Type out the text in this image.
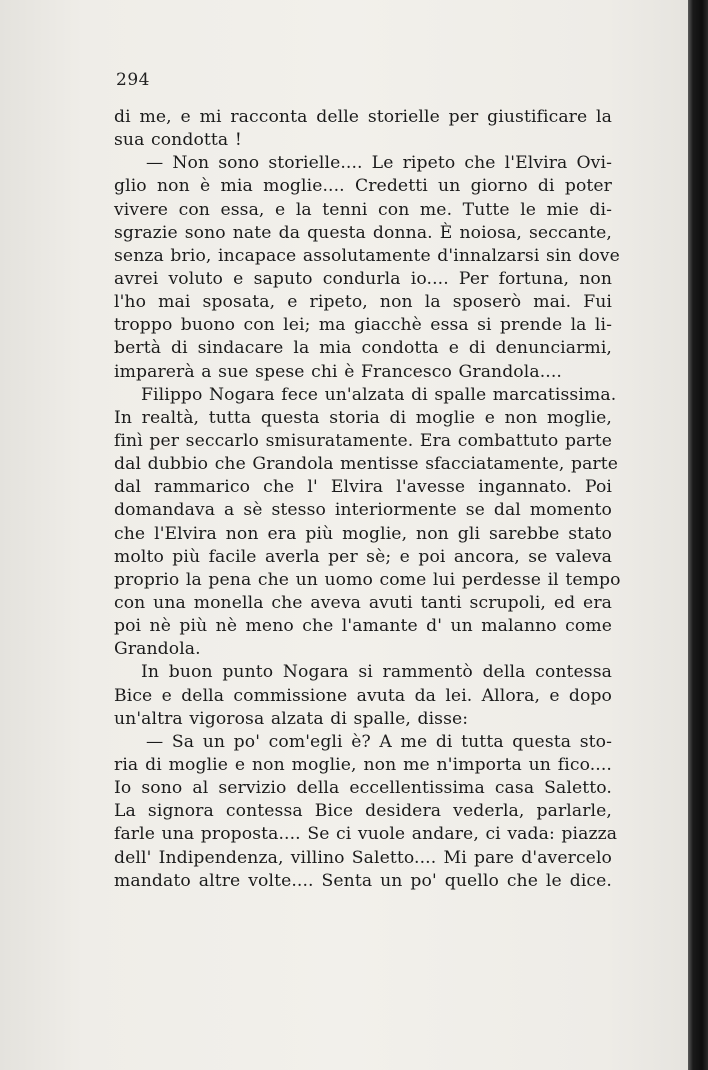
294
di me, e mi racconta delle storielle per giustificare la
sua condotta !
— Non sono storielle.... Le ripeto che l'Elvira Ovi-
glio non è mia moglie.... Credetti un giorno di poter
vivere con essa, e la tenni con me. Tutte le mie di-
sgrazie sono nate da questa donna. È noiosa, seccante,
senza brio, incapace assolutamente d'innalzarsi sin dove
avrei voluto e saputo condurla io.... Per fortuna, non
l'ho mai sposata, e ripeto, non la sposerò mai. Fui
troppo buono con lei; ma giacchè essa si prende la li-
bertà di sindacare la mia condotta e di denunciarmi,
imparerà a sue spese chi è Francesco Grandola....
Filippo Nogara fece un'alzata di spalle marcatissima.
In realtà, tutta questa storia di moglie e non moglie,
finì per seccarlo smisuratamente. Era combattuto parte
dal dubbio che Grandola mentisse sfacciatamente, parte
dal rammarico che l' Elvira l'avesse ingannato. Poi
domandava a sè stesso interiormente se dal momento
che l'Elvira non era più moglie, non gli sarebbe stato
molto più facile averla per sè; e poi ancora, se valeva
proprio la pena che un uomo come lui perdesse il tempo
con una monella che aveva avuti tanti scrupoli, ed era
poi nè più nè meno che l'amante d' un malanno come
Grandola.
In buon punto Nogara si rammentò della contessa
Bice e della commissione avuta da lei. Allora, e dopo
un'altra vigorosa alzata di spalle, disse:
— Sa un po' com'egli è? A me di tutta questa sto-
ria di moglie e non moglie, non me n'importa un fico....
Io sono al servizio della eccellentissima casa Saletto.
La signora contessa Bice desidera vederla, parlarle,
farle una proposta.... Se ci vuole andare, ci vada: piazza
dell' Indipendenza, villino Saletto.... Mi pare d'avercelo
mandato altre volte.... Senta un po' quello che le dice.
